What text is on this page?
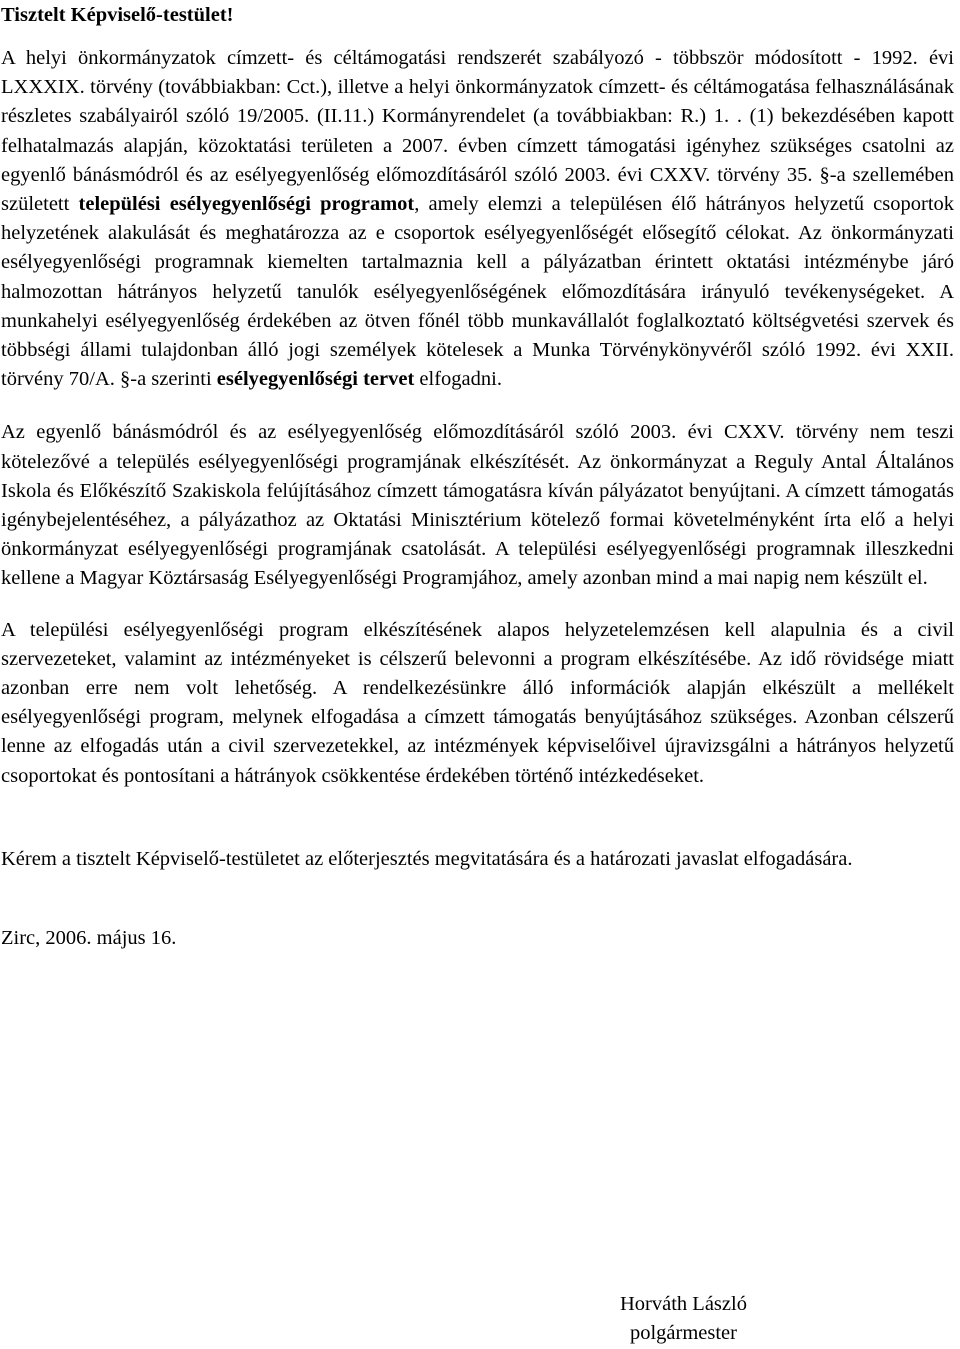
Tisztelt Képviselő-testület!

A helyi önkormányzatok címzett- és céltámogatási rendszerét szabályozó - többször módosított - 1992. évi LXXXIX. törvény (továbbiakban: Cct.), illetve a helyi önkormányzatok címzett- és céltámogatása felhasználásának részletes szabályairól szóló 19/2005. (II.11.) Kormányrendelet (a továbbiakban: R.) 1. . (1) bekezdésében kapott felhatalmazás alapján, közoktatási területen a 2007. évben címzett támogatási igényhez szükséges csatolni az egyenlő bánásmódról és az esélyegyenlőség előmozdításáról szóló 2003. évi CXXV. törvény 35. §-a szellemében született települési esélyegyenlőségi programot, amely elemzi a településen élő hátrányos helyzetű csoportok helyzetének alakulását és meghatározza az e csoportok esélyegyenlőségét elősegítő célokat. Az önkormányzati esélyegyenlőségi programnak kiemelten tartalmaznia kell a pályázatban érintett oktatási intézménybe járó halmozottan hátrányos helyzetű tanulók esélyegyenlőségének előmozdítására irányuló tevékenységeket. A munkahelyi esélyegyenlőség érdekében az ötven főnél több munkavállalót foglalkoztató költségvetési szervek és többségi állami tulajdonban álló jogi személyek kötelesek a Munka Törvénykönyvéről szóló 1992. évi XXII. törvény 70/A. §-a szerinti esélyegyenlőségi tervet elfogadni.

Az egyenlő bánásmódról és az esélyegyenlőség előmozdításáról szóló 2003. évi CXXV. törvény nem teszi kötelezővé a település esélyegyenlőségi programjának elkészítését. Az önkormányzat a Reguly Antal Általános Iskola és Előkészítő Szakiskola felújításához címzett támogatásra kíván pályázatot benyújtani. A címzett támogatás igénybejelentéséhez, a pályázathoz az Oktatási Minisztérium kötelező formai követelményként írta elő a helyi önkormányzat esélyegyenlőségi programjának csatolását. A települési esélyegyenlőségi programnak illeszkedni kellene a Magyar Köztársaság Esélyegyenlőségi Programjához, amely azonban mind a mai napig nem készült el.

A települési esélyegyenlőségi program elkészítésének alapos helyzetelemzésen kell alapulnia és a civil szervezeteket, valamint az intézményeket is célszerű belevonni a program elkészítésébe. Az idő rövidsége miatt azonban erre nem volt lehetőség. A rendelkezésünkre álló információk alapján elkészült a mellékelt esélyegyenlőségi program, melynek elfogadása a címzett támogatás benyújtásához szükséges. Azonban célszerű lenne az elfogadás után a civil szervezetekkel, az intézmények képviselőivel újravizsgálni a hátrányos helyzetű csoportokat és pontosítani a hátrányok csökkentése érdekében történő intézkedéseket.

Kérem a tisztelt Képviselő-testületet az előterjesztés megvitatására és a határozati javaslat elfogadására.

Zirc, 2006. május 16.

Horváth László
polgármester
